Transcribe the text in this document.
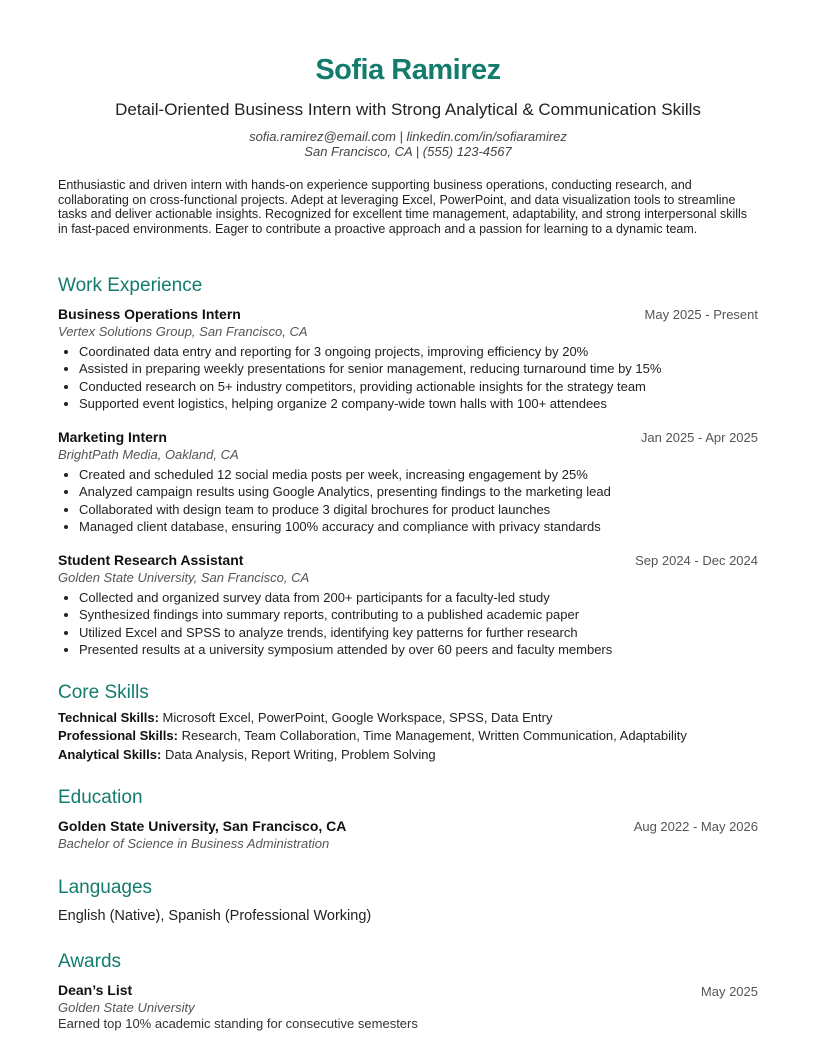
Sofia Ramirez
Detail-Oriented Business Intern with Strong Analytical & Communication Skills
sofia.ramirez@email.com | linkedin.com/in/sofiaramirez
San Francisco, CA | (555) 123-4567
Enthusiastic and driven intern with hands-on experience supporting business operations, conducting research, and collaborating on cross-functional projects. Adept at leveraging Excel, PowerPoint, and data visualization tools to streamline tasks and deliver actionable insights. Recognized for excellent time management, adaptability, and strong interpersonal skills in fast-paced environments. Eager to contribute a proactive approach and a passion for learning to a dynamic team.
Work Experience
Business Operations Intern	May 2025 - Present
Vertex Solutions Group, San Francisco, CA
• Coordinated data entry and reporting for 3 ongoing projects, improving efficiency by 20%
• Assisted in preparing weekly presentations for senior management, reducing turnaround time by 15%
• Conducted research on 5+ industry competitors, providing actionable insights for the strategy team
• Supported event logistics, helping organize 2 company-wide town halls with 100+ attendees
Marketing Intern	Jan 2025 - Apr 2025
BrightPath Media, Oakland, CA
• Created and scheduled 12 social media posts per week, increasing engagement by 25%
• Analyzed campaign results using Google Analytics, presenting findings to the marketing lead
• Collaborated with design team to produce 3 digital brochures for product launches
• Managed client database, ensuring 100% accuracy and compliance with privacy standards
Student Research Assistant	Sep 2024 - Dec 2024
Golden State University, San Francisco, CA
• Collected and organized survey data from 200+ participants for a faculty-led study
• Synthesized findings into summary reports, contributing to a published academic paper
• Utilized Excel and SPSS to analyze trends, identifying key patterns for further research
• Presented results at a university symposium attended by over 60 peers and faculty members
Core Skills
Technical Skills: Microsoft Excel, PowerPoint, Google Workspace, SPSS, Data Entry
Professional Skills: Research, Team Collaboration, Time Management, Written Communication, Adaptability
Analytical Skills: Data Analysis, Report Writing, Problem Solving
Education
Golden State University, San Francisco, CA	Aug 2022 - May 2026
Bachelor of Science in Business Administration
Languages
English (Native), Spanish (Professional Working)
Awards
Dean’s List	May 2025
Golden State University
Earned top 10% academic standing for consecutive semesters
